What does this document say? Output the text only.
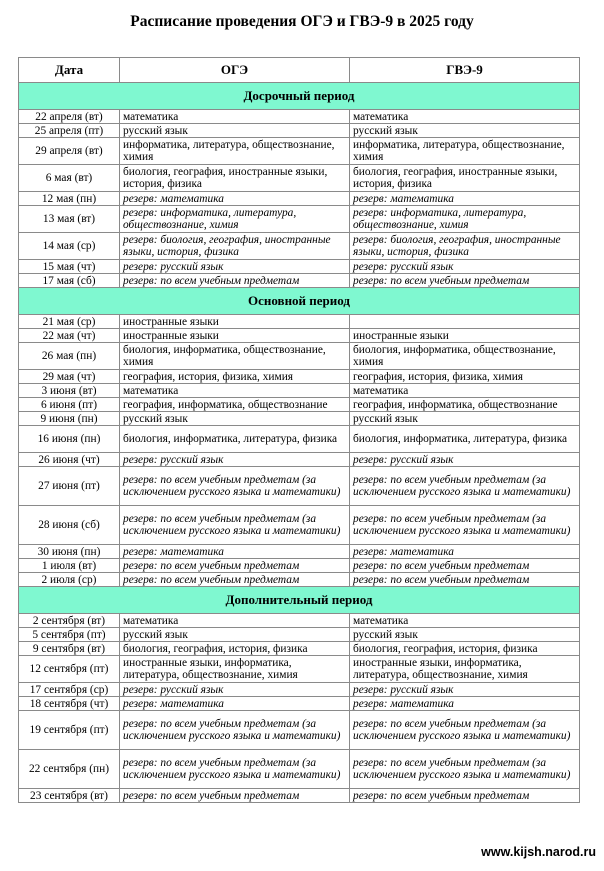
Расписание проведения ОГЭ и ГВЭ-9 в 2025 году
Дата	ОГЭ	ГВЭ-9
Досрочный период		
22 апреля (вт)	математика	математика
25 апреля (пт)	русский язык	русский язык
29 апреля (вт)	информатика, литература, обществознание, химия	информатика, литература, обществознание, химия
6 мая (вт)	биология, география, иностранные языки, история, физика	биология, география, иностранные языки, история, физика
12 мая (пн)	резерв: математика	резерв: математика
13 мая (вт)	резерв: информатика, литература, обществознание, химия	резерв: информатика, литература, обществознание, химия
14 мая (ср)	резерв: биология, география, иностранные языки, история, физика	резерв: биология, география, иностранные языки, история, физика
15 мая (чт)	резерв: русский язык	резерв: русский язык
17 мая (сб)	резерв: по всем учебным предметам	резерв: по всем учебным предметам
Основной период		
21 мая (ср)	иностранные языки	
22 мая (чт)	иностранные языки	иностранные языки
26 мая (пн)	биология, информатика, обществознание, химия	биология, информатика, обществознание, химия
29 мая (чт)	география, история, физика, химия	география, история, физика, химия
3 июня (вт)	математика	математика
6 июня (пт)	география, информатика, обществознание	география, информатика, обществознание
9 июня (пн)	русский язык	русский язык
16 июня (пн)	биология, информатика, литература, физика	биология, информатика, литература, физика
26 июня (чт)	резерв: русский язык	резерв: русский язык
27 июня (пт)	резерв: по всем учебным предметам (за исключением русского языка и математики)	резерв: по всем учебным предметам (за исключением русского языка и математики)
28 июня (сб)	резерв: по всем учебным предметам (за исключением русского языка и математики)	резерв: по всем учебным предметам (за исключением русского языка и математики)
30 июня (пн)	резерв: математика	резерв: математика
1 июля (вт)	резерв: по всем учебным предметам	резерв: по всем учебным предметам
2 июля (ср)	резерв: по всем учебным предметам	резерв: по всем учебным предметам
Дополнительный период		
2 сентября (вт)	математика	математика
5 сентября (пт)	русский язык	русский язык
9 сентября (вт)	биология, география, история, физика	биология, география, история, физика
12 сентября (пт)	иностранные языки, информатика, литература, обществознание, химия	иностранные языки, информатика, литература, обществознание, химия
17 сентября (ср)	резерв: русский язык	резерв: русский язык
18 сентября (чт)	резерв: математика	резерв: математика
19 сентября (пт)	резерв: по всем учебным предметам (за исключением русского языка и математики)	резерв: по всем учебным предметам (за исключением русского языка и математики)
22 сентября (пн)	резерв: по всем учебным предметам (за исключением русского языка и математики)	резерв: по всем учебным предметам (за исключением русского языка и математики)
23 сентября (вт)	резерв: по всем учебным предметам	резерв: по всем учебным предметам
www.kijsh.narod.ru
